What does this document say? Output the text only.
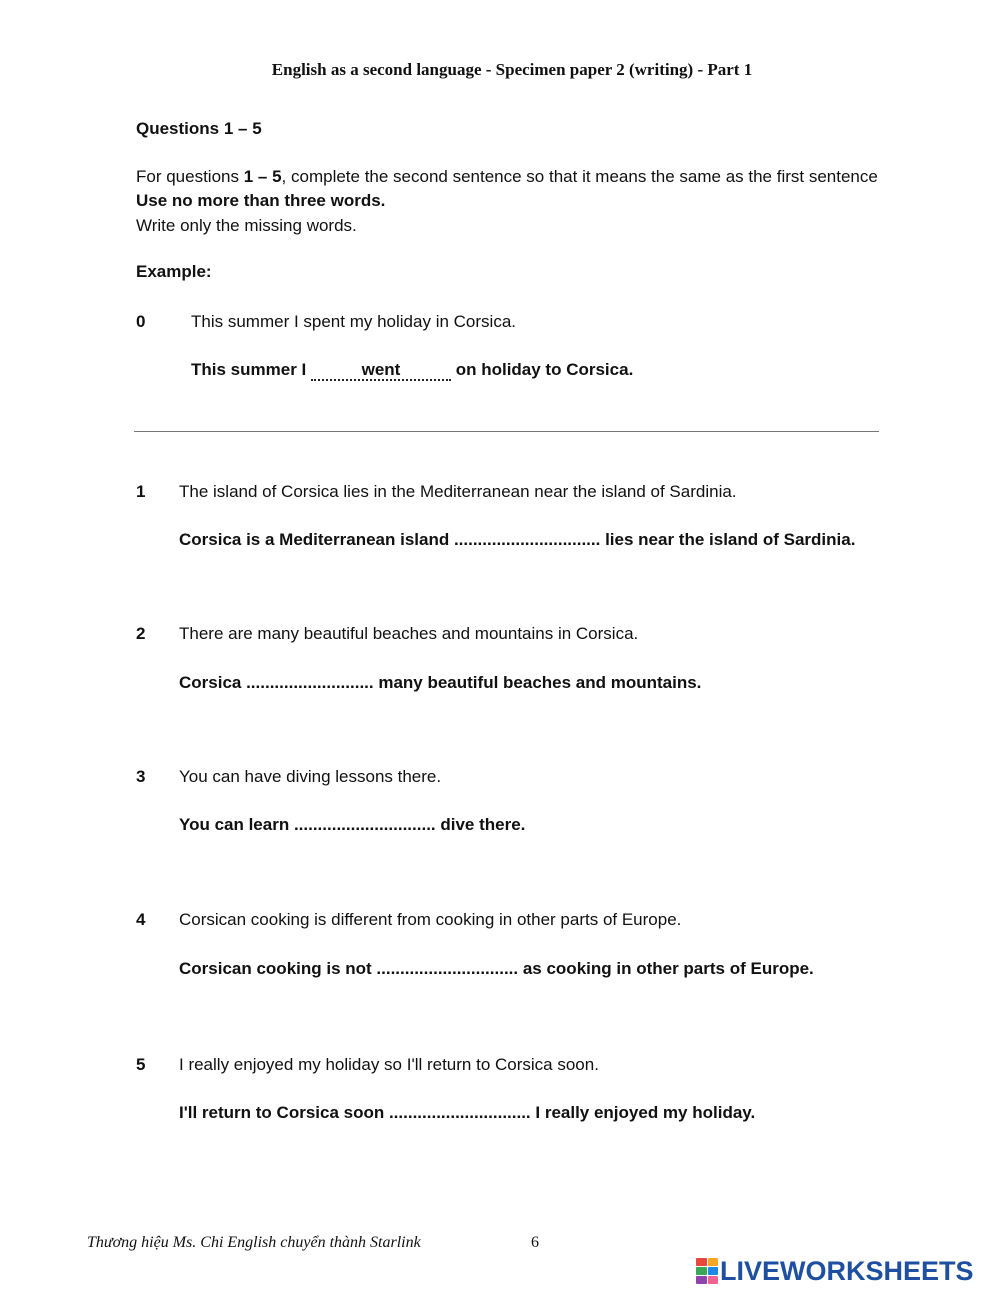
English as a second language - Specimen paper 2 (writing) - Part 1
Questions 1 – 5
For questions 1 – 5, complete the second sentence so that it means the same as the first sentence
Use no more than three words.
Write only the missing words.
Example:
0	This summer I spent my holiday in Corsica.
This summer I	went	on holiday to Corsica.
1 The island of Corsica lies in the Mediterranean near the island of Sardinia.
Corsica is a Mediterranean island ............................... lies near the island of Sardinia.
2 There are many beautiful beaches and mountains in Corsica.
Corsica ........................... many beautiful beaches and mountains.
3 You can have diving lessons there.
You can learn .............................. dive there.
4 Corsican cooking is different from cooking in other parts of Europe.
Corsican cooking is not .............................. as cooking in other parts of Europe.
5 I really enjoyed my holiday so I'll return to Corsica soon.
I'll return to Corsica soon .............................. I really enjoyed my holiday.
Thương hiệu Ms. Chi English chuyển thành Starlink	6
LIVEWORKSHEETS
